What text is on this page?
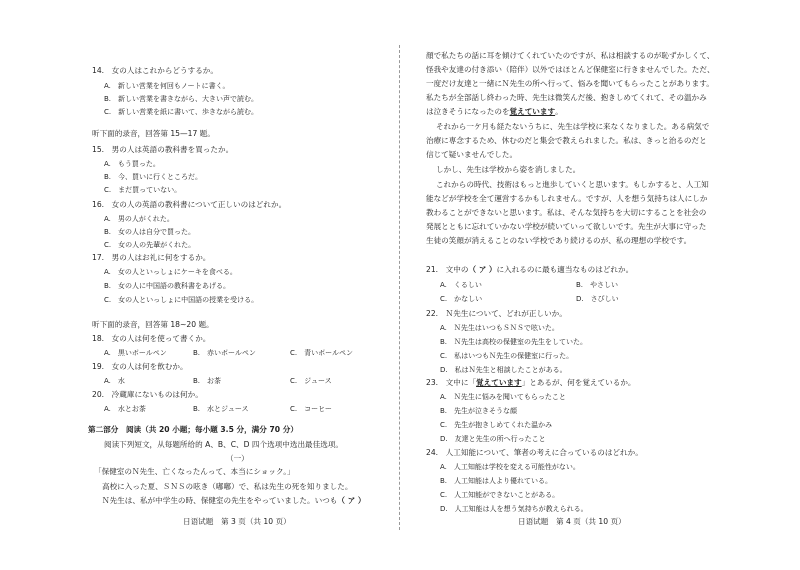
14.　女の人はこれからどうするか。
A.　新しい営業を何回もノートに書く。
B.　新しい営業を書きながら、大きい声で読む。
C.　新しい営業を紙に書いて、歩きながら読む。
听下面的录音，回答第 15—17 题。
15.　男の人は英語の教科書を買ったか。
A.　もう買った。
B.　今、買いに行くところだ。
C.　まだ買っていない。
16.　女の人の英語の教科書について正しいのはどれか。
A.　男の人がくれた。
B.　女の人は自分で買った。
C.　女の人の先輩がくれた。
17.　男の人はお礼に何をするか。
A.　女の人といっしょにケーキを食べる。
B.　女の人に中国語の教科書をあげる。
C.　女の人といっしょに中国語の授業を受ける。
听下面的录音，回答第 18~20 题。
18.　女の人は何を使って書くか。
A.　黒いボールペン	B.　赤いボールペン	C.　青いボールペン
19.　女の人は何を飲むか。
A.　水	B.　お茶	C.　ジュース
20.　冷蔵庫にないものは何か。
A.　水とお茶	B.　水とジュース	C.　コーヒー
第二部分　阅读（共 20 小题；每小题 3.5 分，满分 70 分）
阅读下列短文，从每题所给的 A、B、C、D 四个选项中选出最佳选项。
（一）
「保健室のＮ先生、亡くなったんって、本当にショック。」
高校に入った夏、ＳＮＳの呟き（嘟嘟）で、私は先生の死を知りました。
Ｎ先生は、私が中学生の時、保健室の先生をやっていました。いつも（ ア ）
日语试题　第 3 页（共 10 页）
顔で私たちの話に耳を傾けてくれていたのですが、私は相談するのが恥ずかしくて、
怪我や友達の付き添い（陪伴）以外ではほとんど保健室に行きませんでした。ただ、
一度だけ友達と一緒にＮ先生の所へ行って、悩みを聞いてもらったことがあります。
私たちが全部話し終わった時、先生は微笑んだ後、抱きしめてくれて、その温かみ
は泣きそうになったのを覚えています。
それから一ケ月も経たないうちに、先生は学校に来なくなりました。ある病気で
治療に専念するため、休むのだと集会で教えられました。私は、きっと治るのだと
信じて疑いませんでした。
しかし、先生は学校から姿を消しました。
これからの時代、技術はもっと進歩していくと思います。もしかすると、人工知
能などが学校を全て運営するかもしれません。ですが、人を想う気持ちは人にしか
教わることができないと思います。私は、そんな気持ちを大切にすることを社会の
発展とともに忘れていかない学校が続いていって欲しいです。先生が大事に守った
生徒の笑顔が消えることのない学校であり続けるのが、私の理想の学校です。
21.　文中の（ ア ）に入れるのに最も適当なものはどれか。
A.　くるしい	B.　やさしい
C.　かなしい	D.　さびしい
22.　Ｎ先生について、どれが正しいか。
A.　Ｎ先生はいつもＳＮＳで呟いた。
B.　Ｎ先生は高校の保健室の先生をしていた。
C.　私はいつもＮ先生の保健室に行った。
D.　私はＮ先生と相談したことがある。
23.　文中に「覚えています」とあるが、何を覚えているか。
A.　Ｎ先生に悩みを聞いてもらったこと
B.　先生が泣きそうな顔
C.　先生が抱きしめてくれた温かみ
D.　友達と先生の所へ行ったこと
24.　人工知能について、筆者の考えに合っているのはどれか。
A.　人工知能は学校を変える可能性がない。
B.　人工知能は人より優れている。
C.　人工知能ができないことがある。
D.　人工知能は人を想う気持ちが教えられる。
日语试题　第 4 页（共 10 页）
